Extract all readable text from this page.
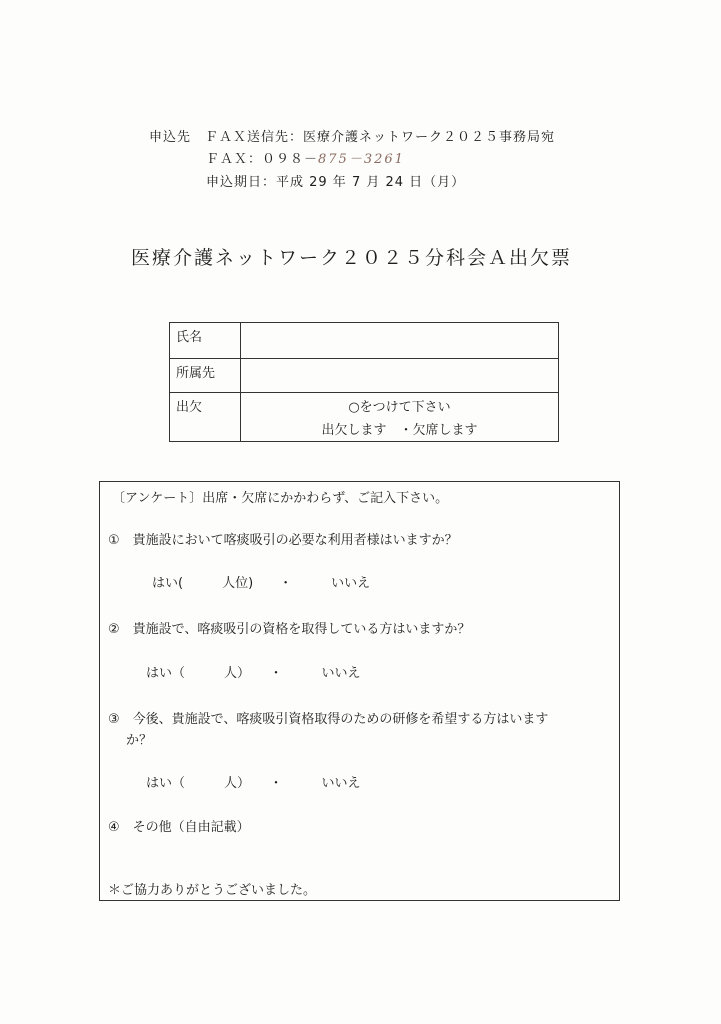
申込先　ＦＡＸ送信先：医療介護ネットワーク２０２５事務局宛
ＦＡＸ：０９８－875－3261
申込期日：平成 29 年 7 月 24 日（月）
医療介護ネットワーク２０２５分科会Ａ出欠票
氏名	
所属先	
出欠	○をつけて下さい
出欠します　・欠席します
〔アンケート〕出席・欠席にかかわらず、ご記入下さい。
①　貴施設において喀痰吸引の必要な利用者様はいますか？
はい(　　　人位)　　・　　　いいえ
②　貴施設で、喀痰吸引の資格を取得している方はいますか？
はい（　　　人）　　・　　　いいえ
③　今後、貴施設で、喀痰吸引資格取得のための研修を希望する方はいます
か？
はい（　　　人）　　・　　　いいえ
④　その他（自由記載）
＊ご協力ありがとうございました。
